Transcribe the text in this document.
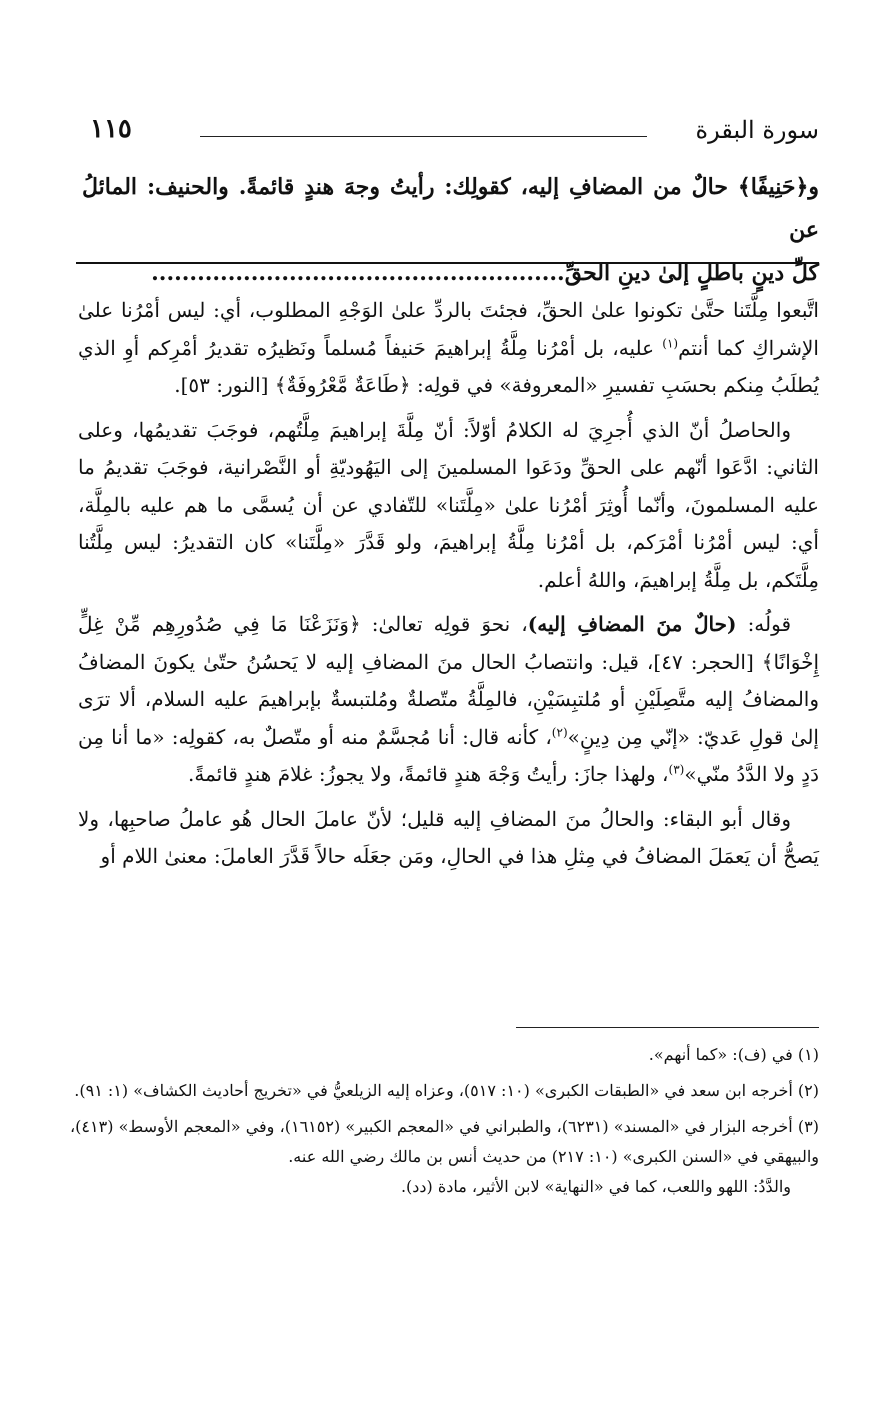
سورة البقرة
١١٥

و﴿حَنِيفًا﴾ حالٌ من المضافِ إليه، كقولِك: رأيتُ وجهَ هندٍ قائمةً. والحنيف: المائلُ عن

كلِّ دينٍ باطلٍ إلىٰ دينِ الحقِّ......................................................

اتَّبعوا مِلَّتَنا حتَّىٰ تكونوا علىٰ الحقِّ، فجئتَ بالردِّ علىٰ الوَجْهِ المطلوب، أي: ليس أمْرُنا علىٰ الإشراكِ كما أنتم$^{(١)}$ عليه، بل أمْرُنا مِلَّةُ إبراهيمَ حَنيفاً مُسلماً ونَظيرُه تقديرُ أمْرِكم أوِ الذي يُطلَبُ مِنكم بحسَبِ تفسيرِ «المعروفة» في قولِه: ﴿طَاعَةٌ مَّعْرُوفَةٌ﴾ [النور: ٥٣].

والحاصلُ أنّ الذي أُجرِيَ له الكلامُ أوّلاً: أنّ مِلَّةَ إبراهيمَ مِلَّتُهم، فوجَبَ تقديمُها، وعلى الثاني: ادَّعَوا أنّهم على الحقِّ ودَعَوا المسلمينَ إلى اليَهُوديّةِ أو النَّصْرانية، فوجَبَ تقديمُ ما عليه المسلمونَ، وأنّما أُوثِرَ أمْرُنا علىٰ «مِلَّتَنا» للتّفادي عن أن يُسمَّى ما هم عليه بالمِلَّة، أي: ليس أمْرُنا أمْرَكم، بل أمْرُنا مِلَّةُ إبراهيمَ، ولو قَدَّرَ «مِلَّتَنا» كان التقديرُ: ليس مِلَّتُنا مِلَّتَكم، بل مِلَّةُ إبراهيمَ، واللهُ أعلم.

قولُه: (حالٌ منَ المضافِ إليه)، نحوَ قولِه تعالىٰ: ﴿وَنَزَعْنَا مَا فِي صُدُورِهِم مِّنْ غِلٍّ إِخْوَانًا﴾ [الحجر: ٤٧]، قيل: وانتصابُ الحال منَ المضافِ إليه لا يَحسُنُ حتّىٰ يكونَ المضافُ والمضافُ إليه متَّصِلَيْنِ أو مُلتبِسَيْنِ، فالمِلَّةُ متّصلةٌ ومُلتبسةٌ بإبراهيمَ عليه السلام، ألا ترَى إلىٰ قولِ عَديّ: «إنّي مِن دِينٍ»$^{(٢)}$، كأنه قال: أنا مُجسَّمٌ منه أو متّصلٌ به، كقولِه: «ما أنا مِن دَدٍ ولا الدَّدُ منّي»$^{(٣)}$، ولهذا جازَ: رأيتُ وَجْهَ هندٍ قائمةً، ولا يجوزُ: غلامَ هندٍ قائمةً.

وقال أبو البقاء: والحالُ منَ المضافِ إليه قليل؛ لأنّ عاملَ الحال هُو عاملُ صاحبِها، ولا يَصحُّ أن يَعمَلَ المضافُ في مِثلِ هذا في الحالِ، ومَن جعَلَه حالاً قَدَّرَ العاملَ: معنىٰ اللام أو

(١) في (ف): «كما أنهم».

(٢) أخرجه ابن سعد في «الطبقات الكبرى» (١٠: ٥١٧)، وعزاه إليه الزيلعيُّ في «تخريج أحاديث الكشاف» (١: ٩١).

(٣) أخرجه البزار في «المسند» (٦٢٣١)، والطبراني في «المعجم الكبير» (١٦١٥٢)، وفي «المعجم الأوسط» (٤١٣)، والبيهقي في «السنن الكبرى» (١٠: ٢١٧) من حديث أنس بن مالك رضي الله عنه.

والدَّدُ: اللهو واللعب، كما في «النهاية» لابن الأثير، مادة (دد).
